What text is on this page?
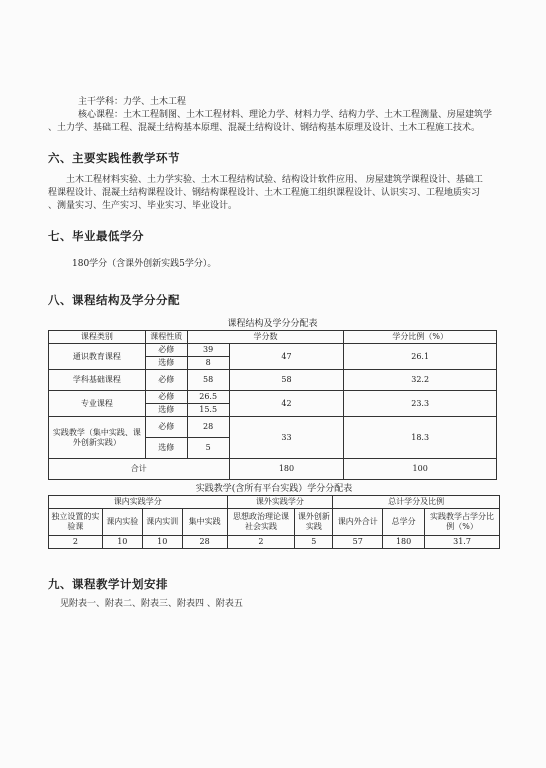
主干学科：力学、土木工程

核心课程：土木工程制图、土木工程材料、理论力学、材料力学、结构力学、土木工程测量、房屋建筑学

、土力学、基础工程、混凝土结构基本原理、混凝土结构设计、钢结构基本原理及设计、土木工程施工技术。

六、主要实践性教学环节

土木工程材料实验、土力学实验、土木工程结构试验、结构设计软件应用、 房屋建筑学课程设计、基础工

程课程设计、混凝土结构课程设计、钢结构课程设计、土木工程施工组织课程设计、认识实习、工程地质实习

、测量实习、生产实习、毕业实习、毕业设计。

七、毕业最低学分

180学分（含课外创新实践5学分）。

八、课程结构及学分分配

课程结构及学分分配表

课程类别	课程性质	学分数		学分比例（%）
通识教育课程	必修	39	47	26.1
	选修	8		
学科基础课程	必修	58	58	32.2
专业课程	必修	26.5	42	23.3
	选修	15.5		
实践教学（集中实践、课外创新实践）	必修	28	33	18.3
	选修	5		
合计			180	100

实践教学(含所有平台实践）学分分配表

课内实践学分				课外实践学分		总计学分及比例		
独立设置的实验课	课内实验	课内实训	集中实践	思想政治理论课社会实践	课外创新实践	课内外合计	总学分	实践教学占学分比例（%）
2	10	10	28	2	5	57	180	31.7
九、课程教学计划安排

见附表一、附表二、附表三、附表四 、附表五
